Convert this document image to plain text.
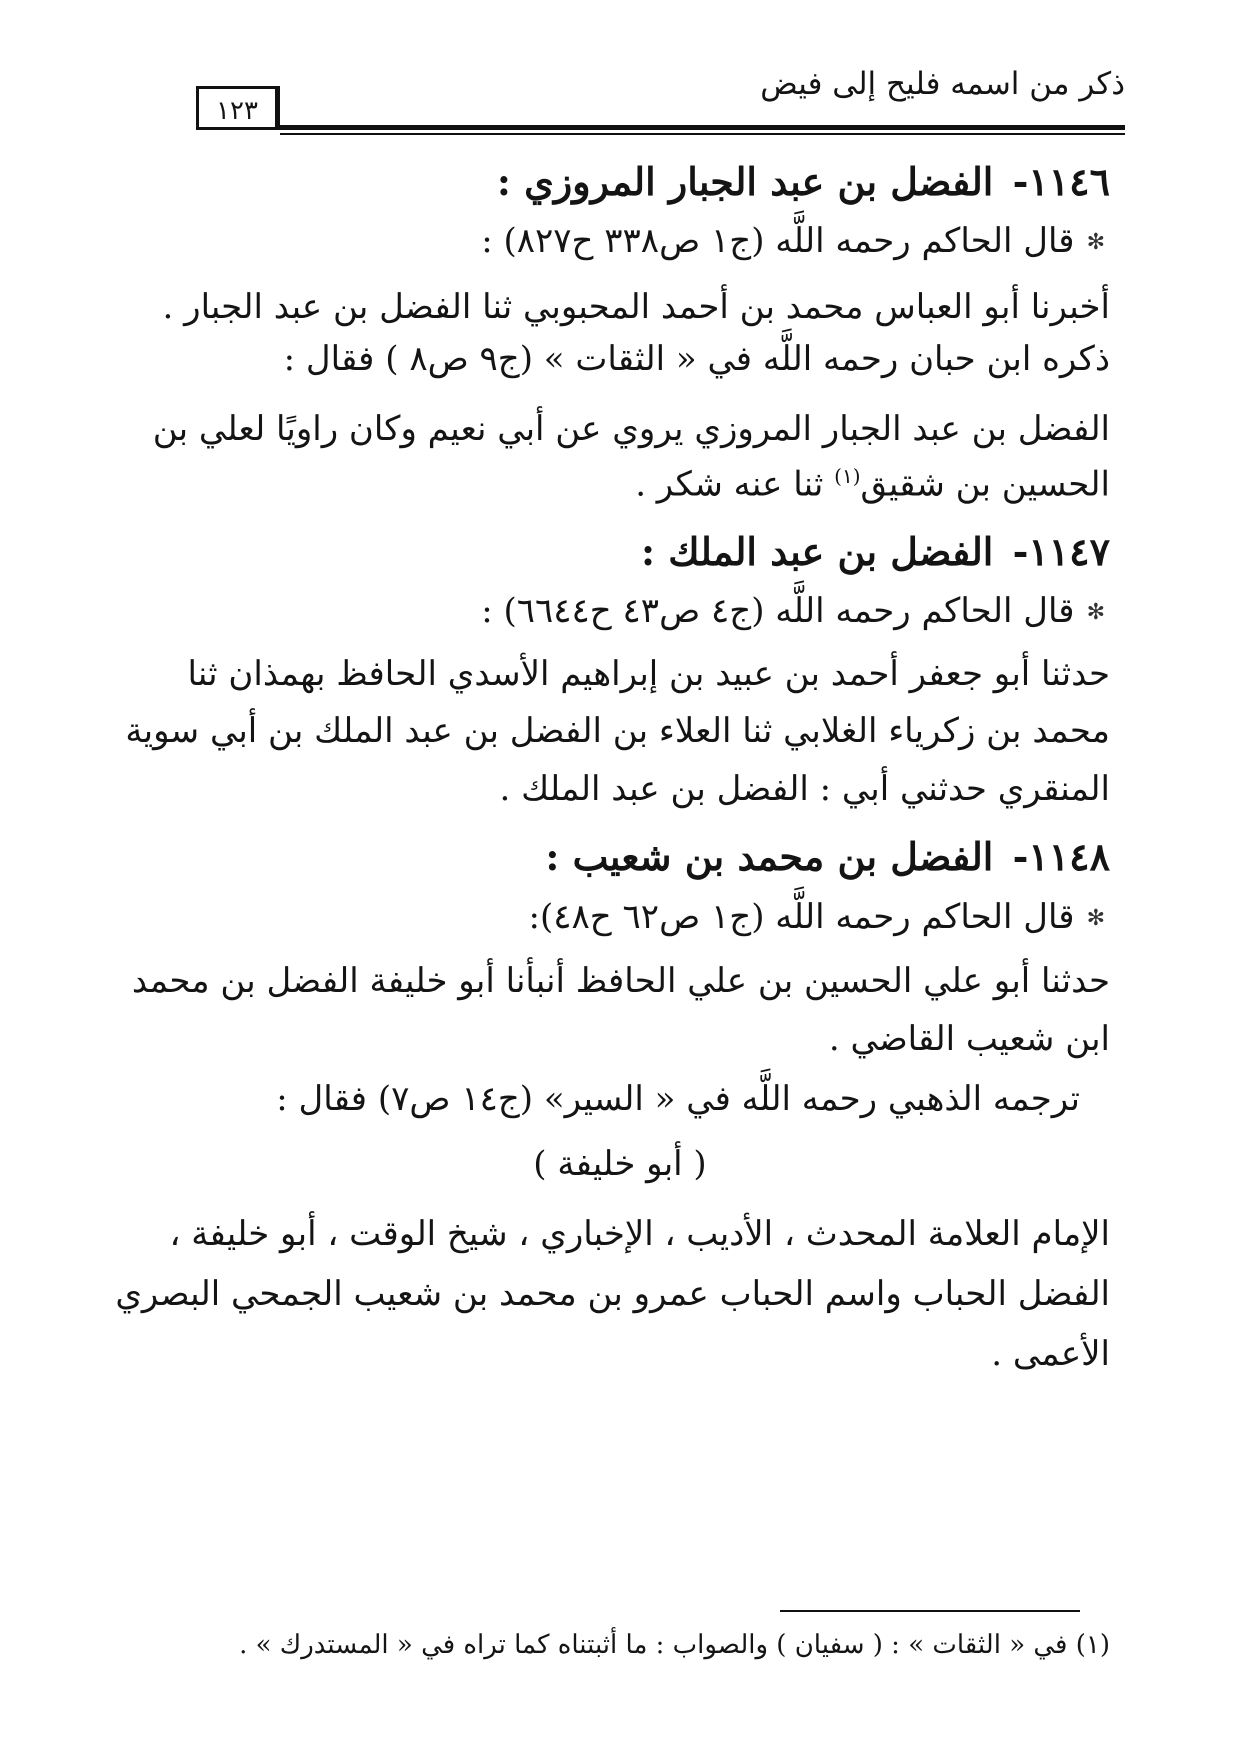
ذكر من اسمه فليح إلى فيض
١٢٣
١١٤٦- الفضل بن عبد الجبار المروزي :
✻قال الحاكم رحمه اللَّه (ج١ ص٣٣٨ ح٨٢٧) :
أخبرنا أبو العباس محمد بن أحمد المحبوبي ثنا الفضل بن عبد الجبار .
ذكره ابن حبان رحمه اللَّه في « الثقات » (ج٩ ص٨ ) فقال :
الفضل بن عبد الجبار المروزي يروي عن أبي نعيم وكان راويًا لعلي بن
الحسين بن شقيق$^{(١)}$ ثنا عنه شكر .
١١٤٧- الفضل بن عبد الملك :
✻قال الحاكم رحمه اللَّه (ج٤ ص٤٣ ح٦٦٤٤) :
حدثنا أبو جعفر أحمد بن عبيد بن إبراهيم الأسدي الحافظ بهمذان ثنا
محمد بن زكرياء الغلابي ثنا العلاء بن الفضل بن عبد الملك بن أبي سوية
المنقري حدثني أبي : الفضل بن عبد الملك .
١١٤٨- الفضل بن محمد بن شعيب :
✻قال الحاكم رحمه اللَّه (ج١ ص٦٢ ح٤٨):
حدثنا أبو علي الحسين بن علي الحافظ أنبأنا أبو خليفة الفضل بن محمد
ابن شعيب القاضي .
ترجمه الذهبي رحمه اللَّه في « السير» (ج١٤ ص٧) فقال :
( أبو خليفة )
الإمام العلامة المحدث ، الأديب ، الإخباري ، شيخ الوقت ، أبو خليفة ،
الفضل الحباب واسم الحباب عمرو بن محمد بن شعيب الجمحي البصري
الأعمى .
(١) في « الثقات » : ( سفيان ) والصواب : ما أثبتناه كما تراه في « المستدرك » .
